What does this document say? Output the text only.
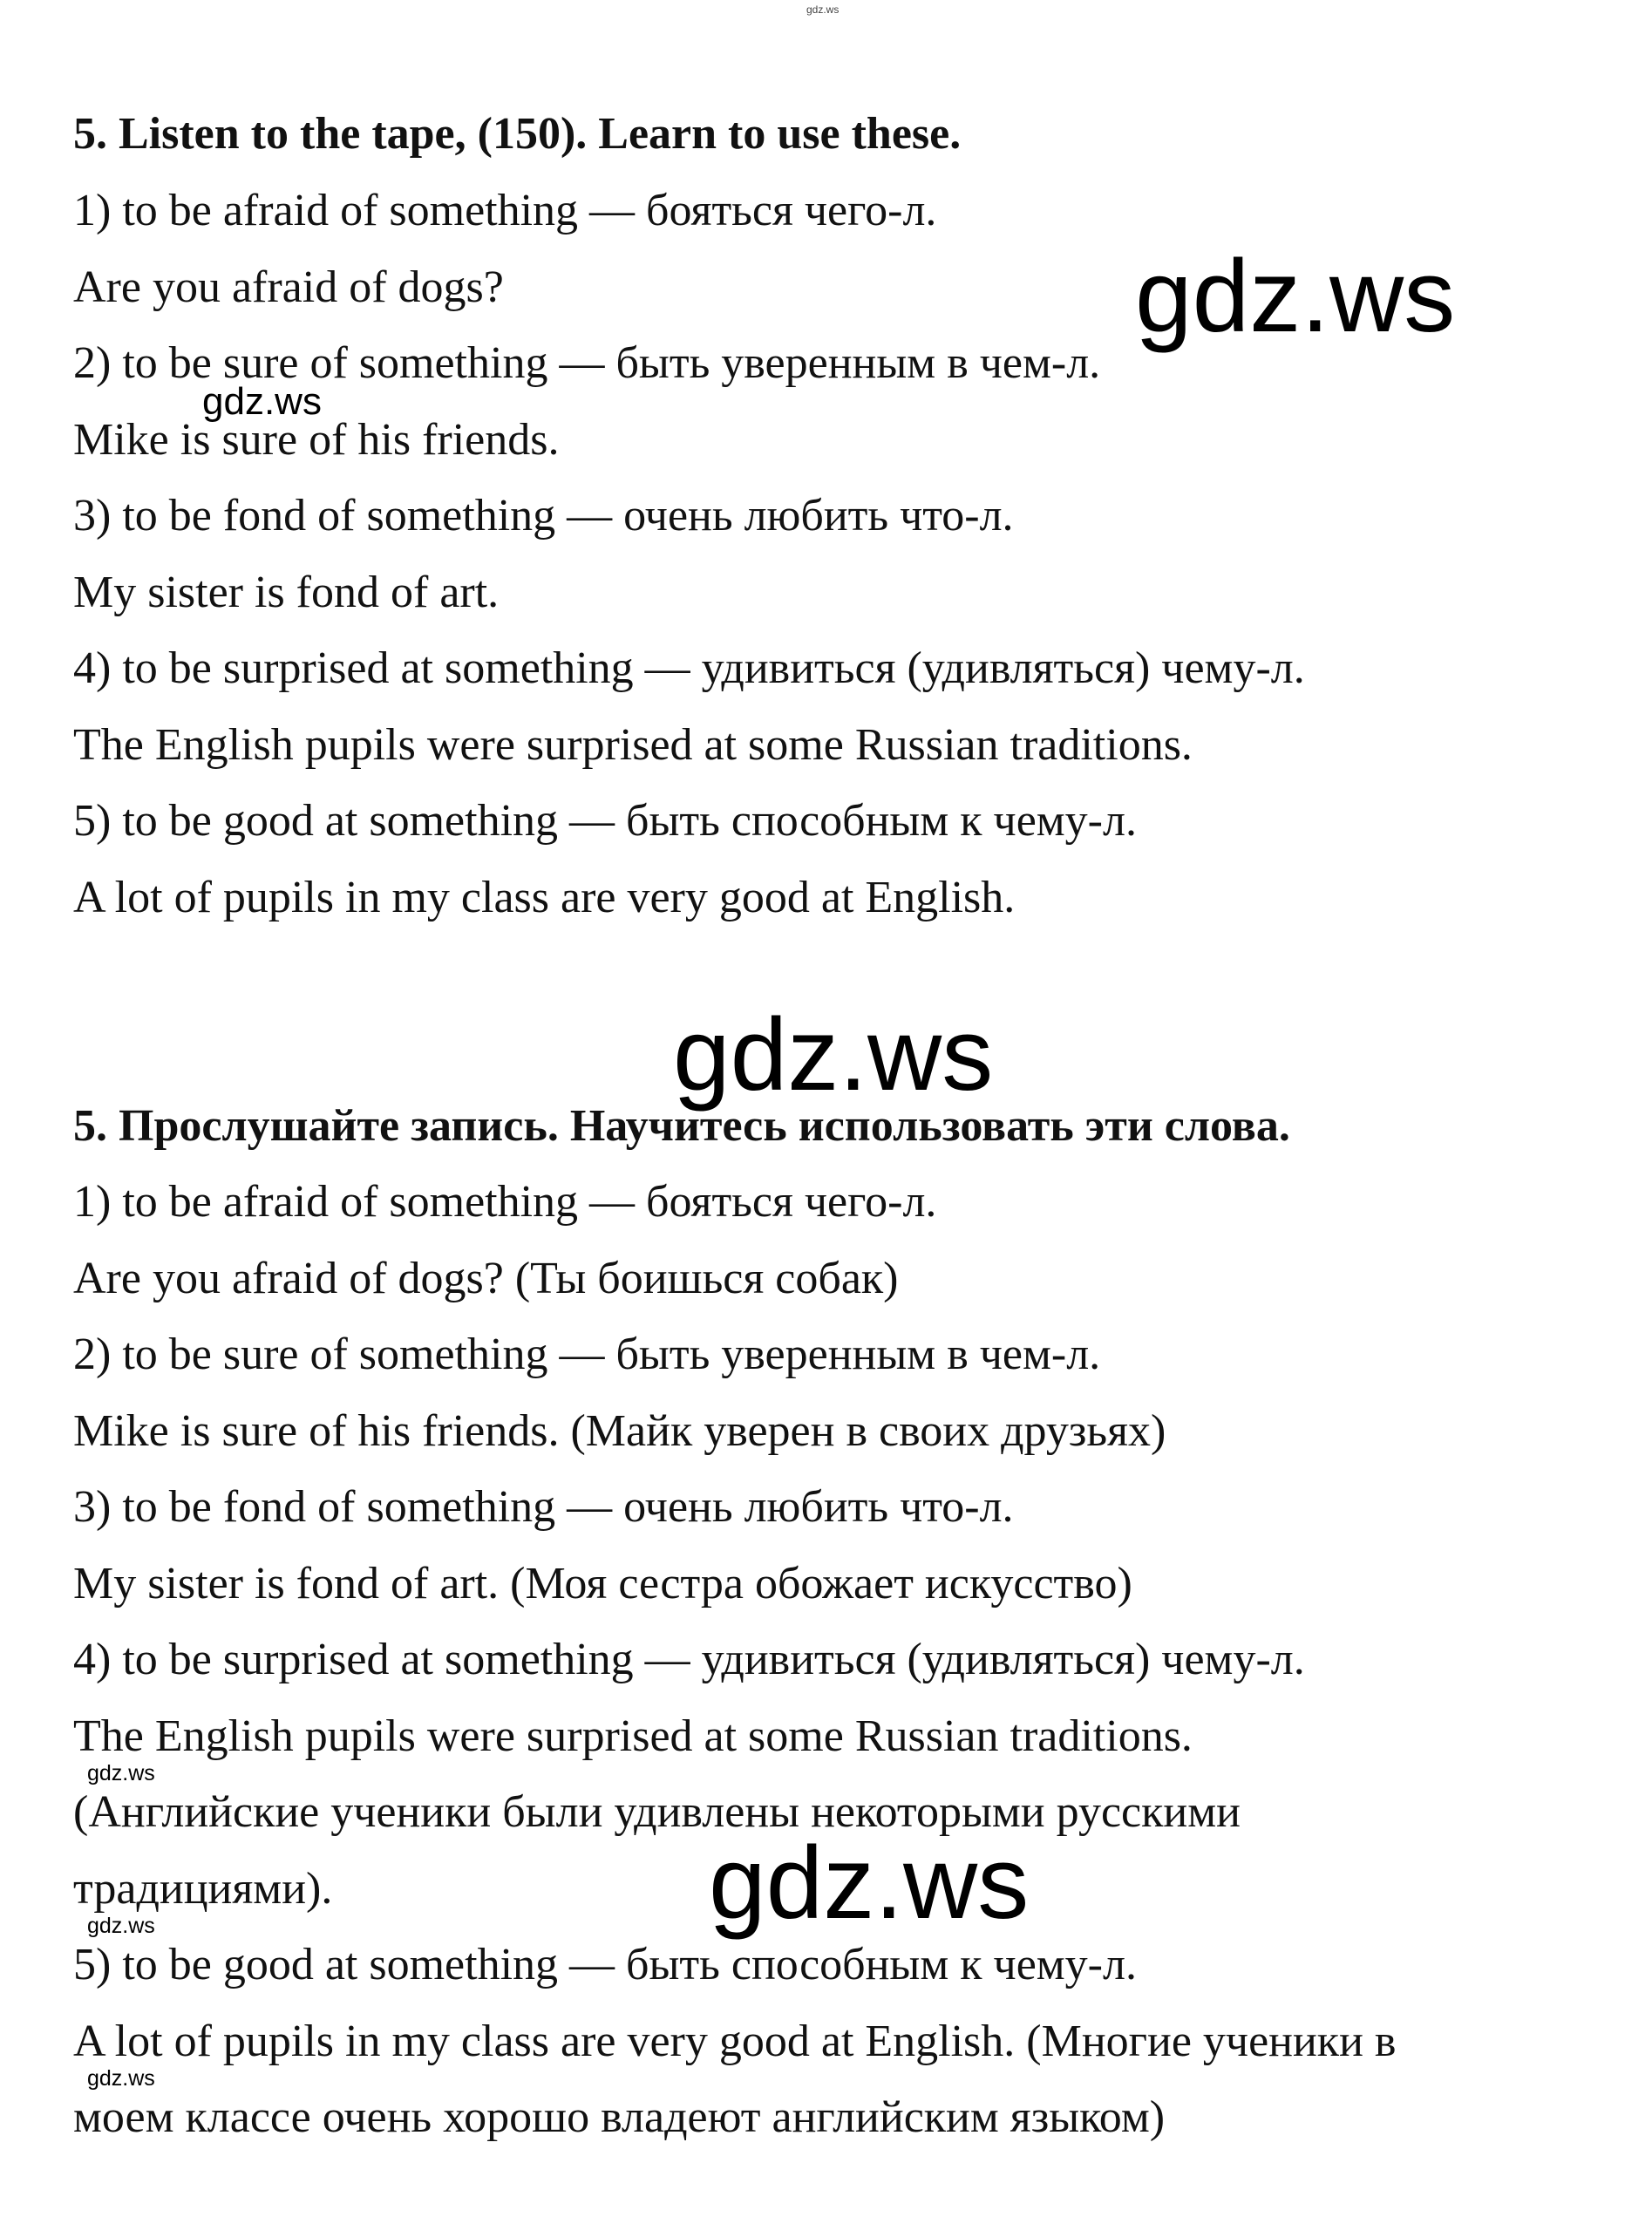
5. Listen to the tape, (150). Learn to use these.
1) to be afraid of something — бояться чего-л.
Are you afraid of dogs?
2) to be sure of something — быть уверенным в чем-л.
Mike is sure of his friends.
3) to be fond of something — очень любить что-л.
My sister is fond of art.
4) to be surprised at something — удивиться (удивляться) чему-л.
The English pupils were surprised at some Russian traditions.
5) to be good at something — быть способным к чему-л.
A lot of pupils in my class are very good at English.
5. Прослушайте запись. Научитесь использовать эти слова.
1) to be afraid of something — бояться чего-л.
Are you afraid of dogs? (Ты боишься собак)
2) to be sure of something — быть уверенным в чем-л.
Mike is sure of his friends. (Майк уверен в своих друзьях)
3) to be fond of something — очень любить что-л.
My sister is fond of art. (Моя сестра обожает искусство)
4) to be surprised at something — удивиться (удивляться) чему-л.
The English pupils were surprised at some Russian traditions.
(Английские ученики были удивлены некоторыми русскими
традициями).
5) to be good at something — быть способным к чему-л.
A lot of pupils in my class are very good at English. (Многие ученики в
моем классе очень хорошо владеют английским языком)
gdz.ws
gdz.ws
gdz.ws
gdz.ws
gdz.ws
gdz.ws
gdz.ws
gdz.ws
